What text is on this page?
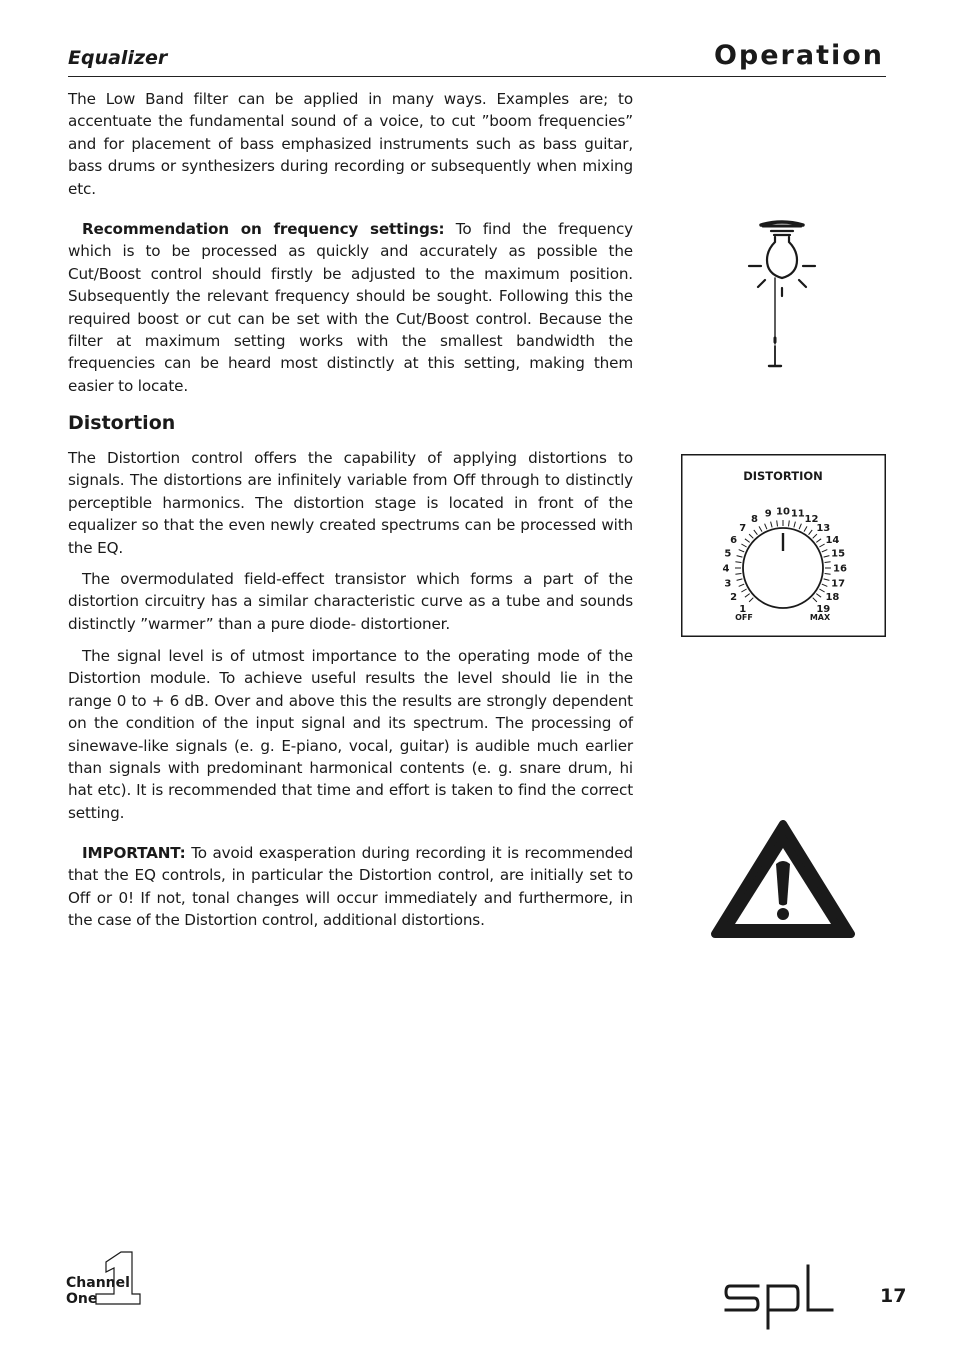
Equalizer	Operation

The Low Band filter can be applied in many ways. Examples are; to accentuate the fundamental sound of a voice, to cut ”boom frequencies” and for placement of bass emphasized instruments such as bass guitar, bass drums or synthesizers during recording or subsequently when mixing etc.

Recommendation on frequency settings: To find the frequency which is to be processed as quickly and accurately as possible the Cut/Boost control should firstly be adjusted to the maximum position. Subsequently the relevant frequency should be sought. Following this the required boost or cut can be set with the Cut/Boost control. Because the filter at maximum setting works with the smallest bandwidth the frequencies can be heard most distinctly at this setting, making them easier to locate.

Distortion

The Distortion control offers the capability of applying distortions to signals. The distortions are infinitely variable from Off through to distinctly perceptible harmonics. The distortion stage is located in front of the equalizer so that the even newly created spectrums can be processed with the EQ.

The overmodulated field-effect transistor which forms a part of the distortion circuitry has a similar characteristic curve as a tube and sounds distinctly ”warmer” than a pure diode- distortioner.

The signal level is of utmost importance to the operating mode of the Distortion module. To achieve useful results the level should lie in the range 0 to + 6 dB. Over and above this the results are strongly dependent on the condition of the input signal and its spectrum. The processing of sinewave-like signals (e. g. E-piano, vocal, guitar) is audible much earlier than signals with predominant harmonical contents (e. g. snare drum, hi hat etc). It is recommended that time and effort is taken to find the correct setting.

DISTORTION
1
2
3
4
5
6
7
8
9 10 11
12
13
14
15
16
17
18
19
OFF	MAX

IMPORTANT: To avoid exasperation during recording it is recommended that the EQ controls, in particular the Distortion control, are initially set to Off or 0! If not, tonal changes will occur immediately and furthermore, in the case of the Distortion control, additional distortions.

Channel
One	17
